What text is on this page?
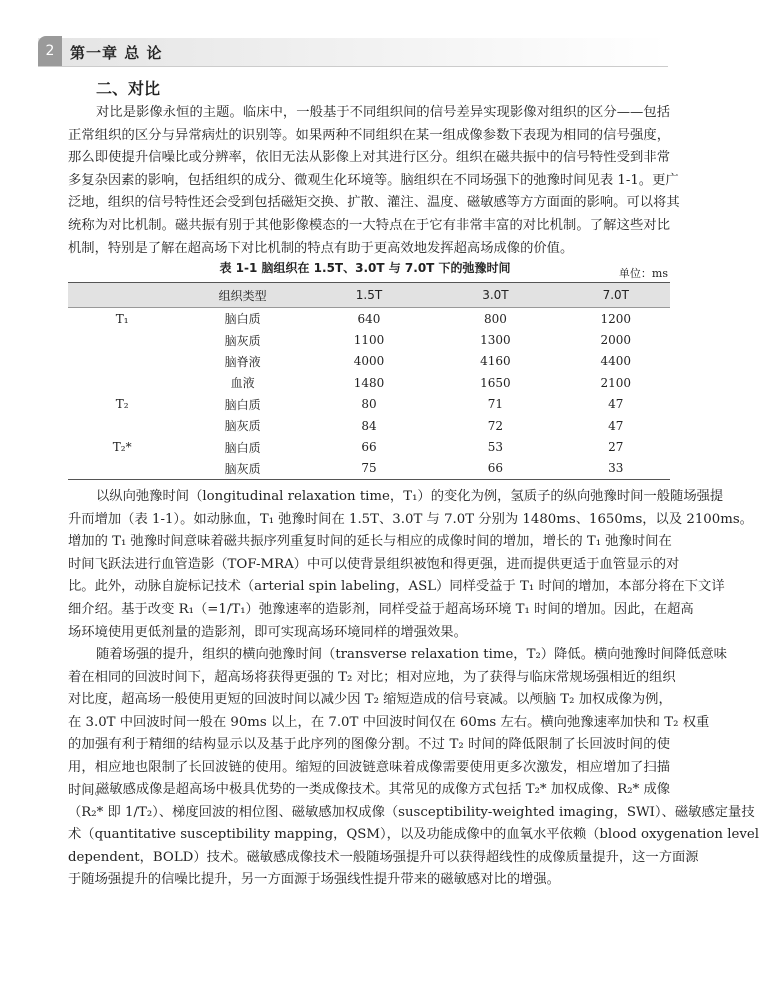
2	第一章 总 论
二、对比
对比是影像永恒的主题。临床中，一般基于不同组织间的信号差异实现影像对组织的区分——包括
正常组织的区分与异常病灶的识别等。如果两种不同组织在某一组成像参数下表现为相同的信号强度，
那么即使提升信噪比或分辨率，依旧无法从影像上对其进行区分。组织在磁共振中的信号特性受到非常
多复杂因素的影响，包括组织的成分、微观生化环境等。脑组织在不同场强下的弛豫时间见表 1-1。更广
泛地，组织的信号特性还会受到包括磁矩交换、扩散、灌注、温度、磁敏感等方方面面的影响。可以将其
统称为对比机制。磁共振有别于其他影像模态的一大特点在于它有非常丰富的对比机制。了解这些对比
机制，特别是了解在超高场下对比机制的特点有助于更高效地发挥超高场成像的价值。
表 1-1 脑组织在 1.5T、3.0T 与 7.0T 下的弛豫时间	单位：ms
	组织类型	1.5T	3.0T	7.0T
T₁	脑白质	640	800	1200
	脑灰质	1100	1300	2000
	脑脊液	4000	4160	4400
	血液	1480	1650	2100
T₂	脑白质	80	71	47
	脑灰质	84	72	47
T₂*	脑白质	66	53	27
	脑灰质	75	66	33
以纵向弛豫时间（longitudinal relaxation time，T₁）的变化为例，氢质子的纵向弛豫时间一般随场强提
升而增加（表 1-1）。如动脉血，T₁ 弛豫时间在 1.5T、3.0T 与 7.0T 分别为 1480ms、1650ms，以及 2100ms。
增加的 T₁ 弛豫时间意味着磁共振序列重复时间的延长与相应的成像时间的增加，增长的 T₁ 弛豫时间在
时间飞跃法进行血管造影（TOF-MRA）中可以使背景组织被饱和得更强，进而提供更适于血管显示的对
比。此外，动脉自旋标记技术（arterial spin labeling，ASL）同样受益于 T₁ 时间的增加，本部分将在下文详
细介绍。基于改变 R₁（=1/T₁）弛豫速率的造影剂，同样受益于超高场环境 T₁ 时间的增加。因此，在超高
场环境使用更低剂量的造影剂，即可实现高场环境同样的增强效果。
随着场强的提升，组织的横向弛豫时间（transverse relaxation time，T₂）降低。横向弛豫时间降低意味
着在相同的回波时间下，超高场将获得更强的 T₂ 对比；相对应地，为了获得与临床常规场强相近的组织
对比度，超高场一般使用更短的回波时间以减少因 T₂ 缩短造成的信号衰减。以颅脑 T₂ 加权成像为例，
在 3.0T 中回波时间一般在 90ms 以上，在 7.0T 中回波时间仅在 60ms 左右。横向弛豫速率加快和 T₂ 权重
的加强有利于精细的结构显示以及基于此序列的图像分割。不过 T₂ 时间的降低限制了长回波时间的使
用，相应地也限制了长回波链的使用。缩短的回波链意味着成像需要使用更多次激发，相应增加了扫描
时间。
磁敏感成像是超高场中极具优势的一类成像技术。其常见的成像方式包括 T₂* 加权成像、R₂* 成像
（R₂* 即 1/T₂）、梯度回波的相位图、磁敏感加权成像（susceptibility-weighted imaging，SWI）、磁敏感定量技
术（quantitative susceptibility mapping，QSM），以及功能成像中的血氧水平依赖（blood oxygenation level
dependent，BOLD）技术。磁敏感成像技术一般随场强提升可以获得超线性的成像质量提升，这一方面源
于随场强提升的信噪比提升，另一方面源于场强线性提升带来的磁敏感对比的增强。
